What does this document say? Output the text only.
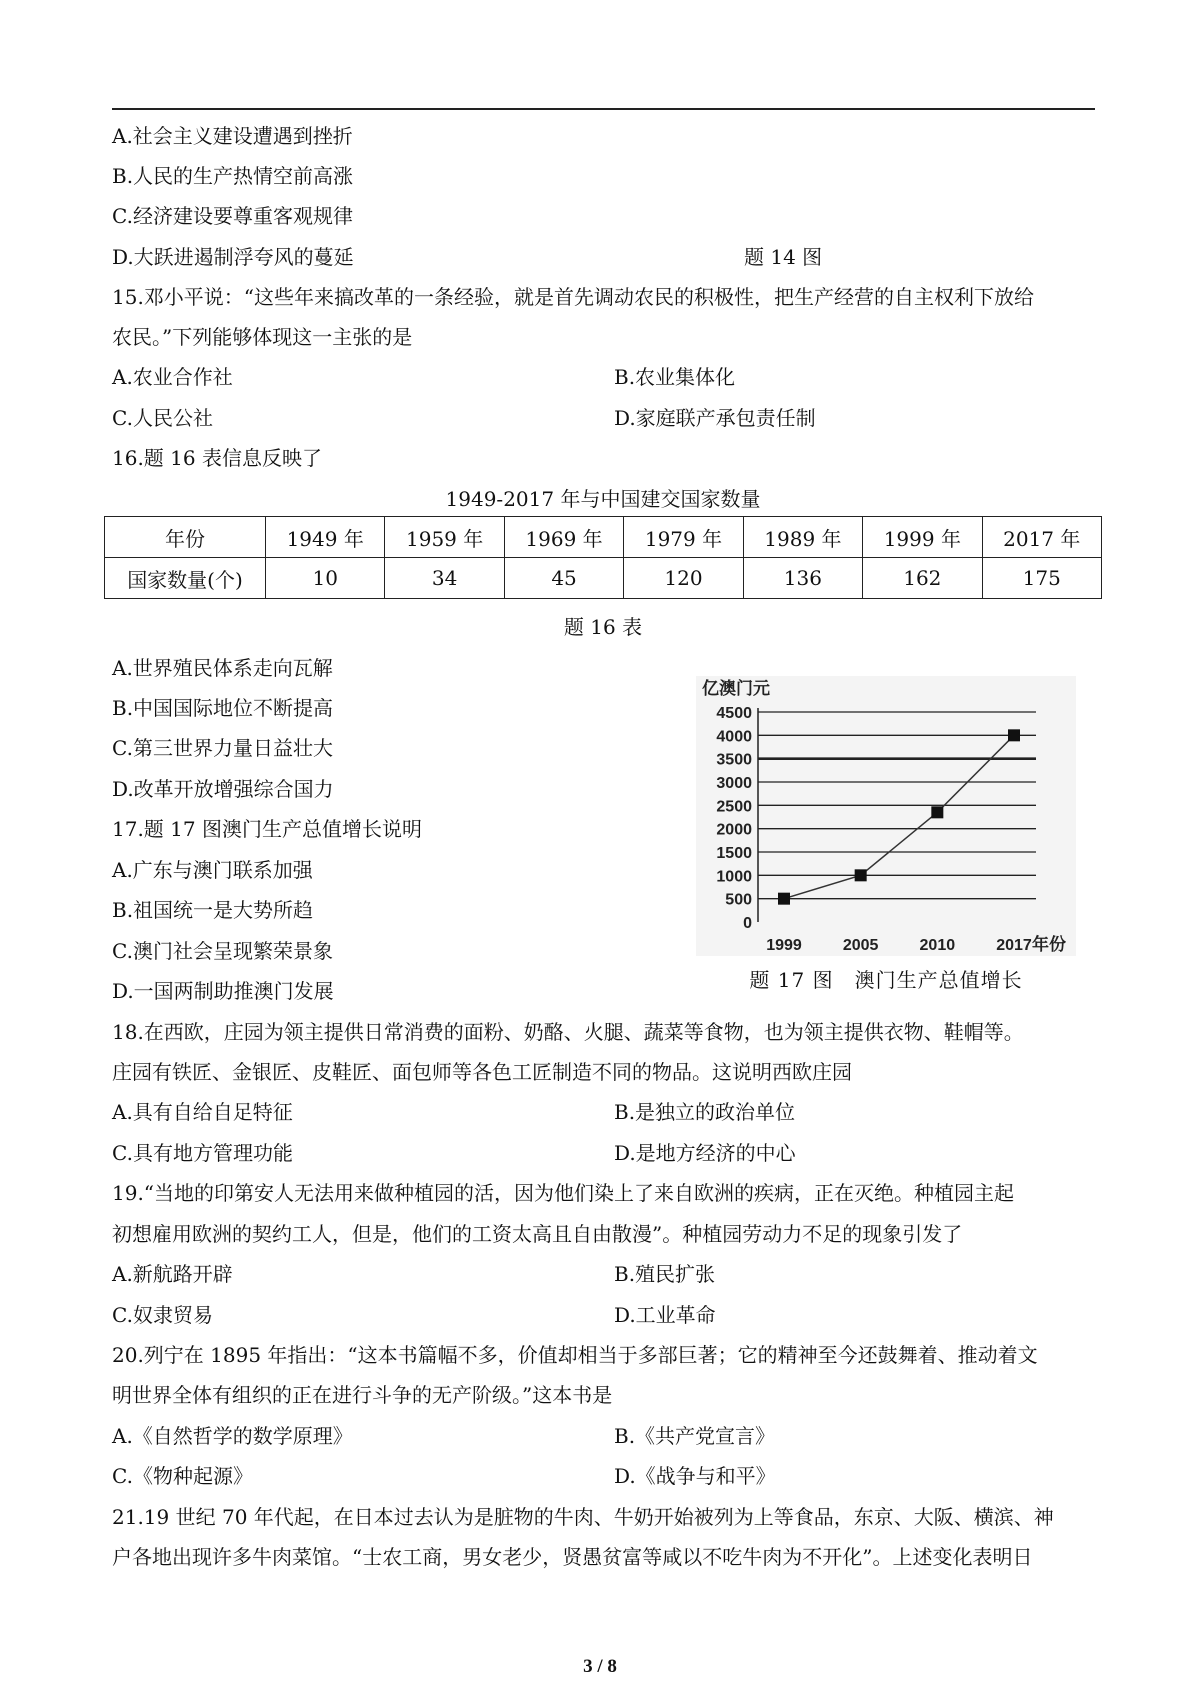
A.社会主义建设遭遇到挫折
B.人民的生产热情空前高涨
C.经济建设要尊重客观规律
D.大跃进遏制浮夸风的蔓延	题 14 图
15.邓小平说：“这些年来搞改革的一条经验，就是首先调动农民的积极性，把生产经营的自主权利下放给
农民。”下列能够体现这一主张的是
A.农业合作社	B.农业集体化
C.人民公社	D.家庭联产承包责任制
16.题 16 表信息反映了
1949-2017 年与中国建交国家数量
年份	1949 年	1959 年	1969 年	1979 年	1989 年	1999 年	2017 年
国家数量(个)	10	34	45	120	136	162	175
题 16 表
A.世界殖民体系走向瓦解
B.中国国际地位不断提高
C.第三世界力量日益壮大
D.改革开放增强综合国力
17.题 17 图澳门生产总值增长说明
A.广东与澳门联系加强
B.祖国统一是大势所趋
C.澳门社会呈现繁荣景象
D.一国两制助推澳门发展
亿澳门元
0
500
1000
1500
2000
2500
3000
3500
4000
4500
1999	2005	2010	2017 年份
题 17 图　澳门生产总值增长
18.在西欧，庄园为领主提供日常消费的面粉、奶酪、火腿、蔬菜等食物，也为领主提供衣物、鞋帽等。
庄园有铁匠、金银匠、皮鞋匠、面包师等各色工匠制造不同的物品。这说明西欧庄园
A.具有自给自足特征	B.是独立的政治单位
C.具有地方管理功能	D.是地方经济的中心
19.“当地的印第安人无法用来做种植园的活，因为他们染上了来自欧洲的疾病，正在灭绝。种植园主起
初想雇用欧洲的契约工人，但是，他们的工资太高且自由散漫”。种植园劳动力不足的现象引发了
A.新航路开辟	B.殖民扩张
C.奴隶贸易	D.工业革命
20.列宁在 1895 年指出：“这本书篇幅不多，价值却相当于多部巨著；它的精神至今还鼓舞着、推动着文
明世界全体有组织的正在进行斗争的无产阶级。”这本书是
A.《自然哲学的数学原理》	B.《共产党宣言》
C.《物种起源》	D.《战争与和平》
21.19 世纪 70 年代起，在日本过去认为是脏物的牛肉、牛奶开始被列为上等食品，东京、大阪、横滨、神
户各地出现许多牛肉菜馆。“士农工商，男女老少，贤愚贫富等咸以不吃牛肉为不开化”。上述变化表明日
3 / 8
